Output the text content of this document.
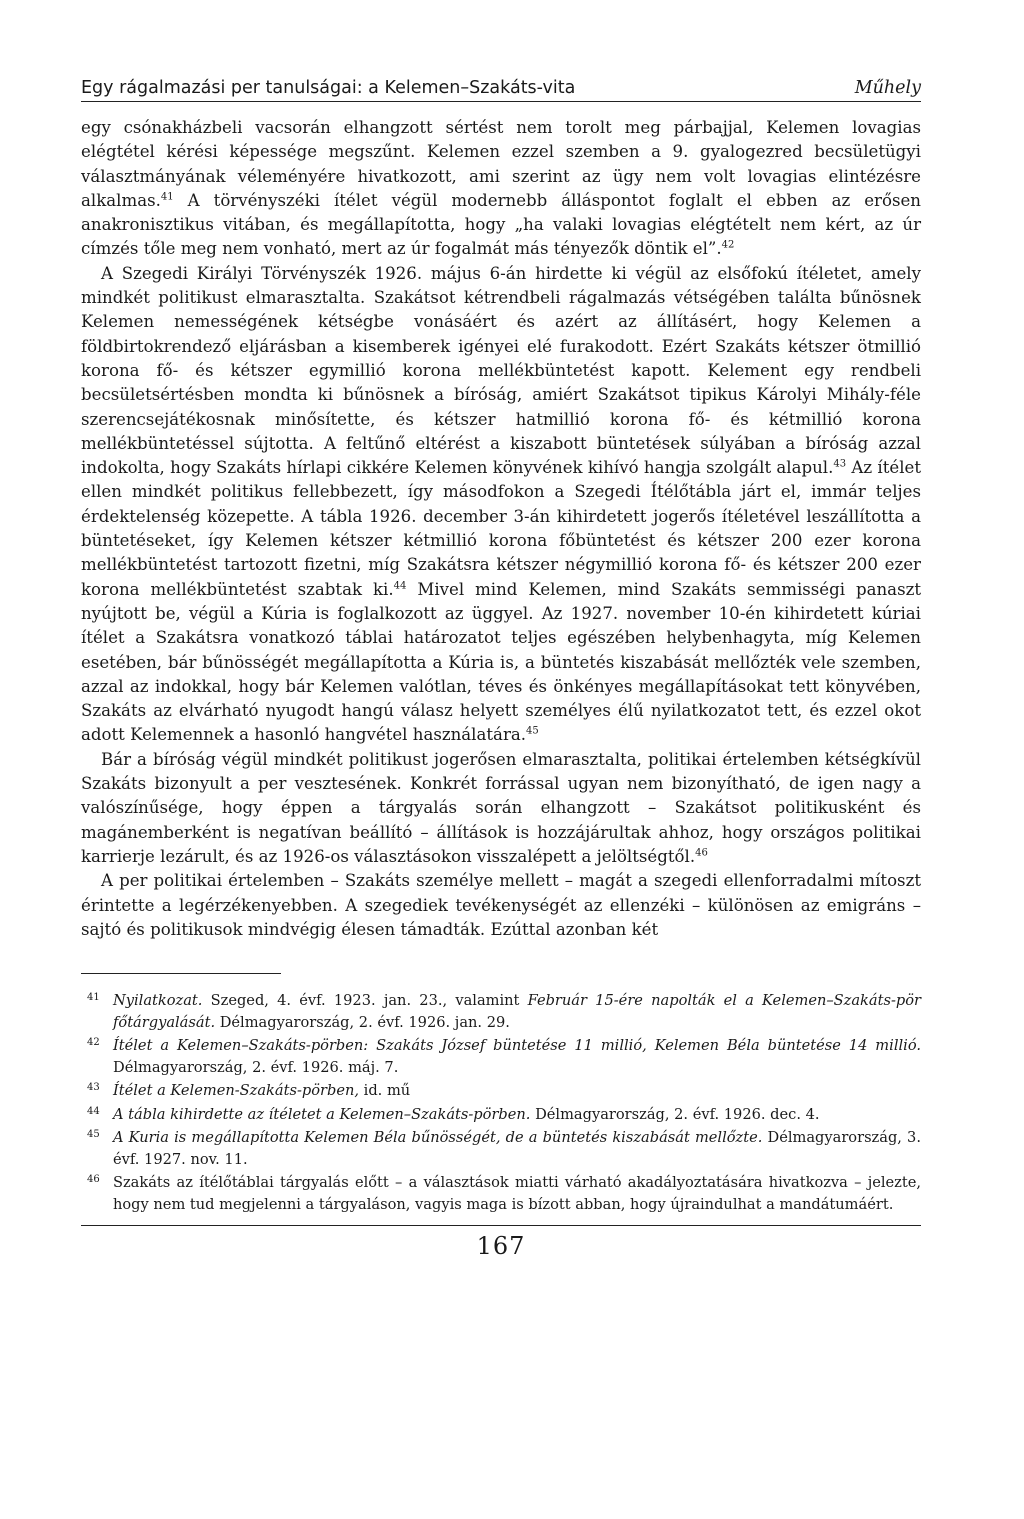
Egy rágalmazási per tanulságai: a Kelemen–Szakáts-vita	Műhely

egy csónakházbeli vacsorán elhangzott sértést nem torolt meg párbajjal, Kelemen lovagias elégtétel kérési képessége megszűnt. Kelemen ezzel szemben a 9. gyalogezred becsületügyi választmányának véleményére hivatkozott, ami szerint az ügy nem volt lovagias elintézésre alkalmas.$^{41}$ A törvényszéki ítélet végül modernebb álláspontot foglalt el ebben az erősen anakronisztikus vitában, és megállapította, hogy „ha valaki lovagias elégtételt nem kért, az úr címzés tőle meg nem vonható, mert az úr fogalmát más tényezők döntik el”.$^{42}$

A Szegedi Királyi Törvényszék 1926. május 6-án hirdette ki végül az elsőfokú ítéletet, amely mindkét politikust elmarasztalta. Szakátsot kétrendbeli rágalmazás vétségében találta bűnösnek Kelemen nemességének kétségbe vonásáért és azért az állításért, hogy Kelemen a földbirtokrendező eljárásban a kisemberek igényei elé furakodott. Ezért Szakáts kétszer ötmillió korona fő- és kétszer egymillió korona mellékbüntetést kapott. Kelement egy rendbeli becsületsértésben mondta ki bűnösnek a bíróság, amiért Szakátsot tipikus Károlyi Mihály-féle szerencsejátékosnak minősítette, és kétszer hatmillió korona fő- és kétmillió korona mellékbüntetéssel sújtotta. A feltűnő eltérést a kiszabott büntetések súlyában a bíróság azzal indokolta, hogy Szakáts hírlapi cikkére Kelemen könyvének kihívó hangja szolgált alapul.$^{43}$ Az ítélet ellen mindkét politikus fellebbezett, így másodfokon a Szegedi Ítélőtábla járt el, immár teljes érdektelenség közepette. A tábla 1926. december 3-án kihirdetett jogerős ítéletével leszállította a büntetéseket, így Kelemen kétszer kétmillió korona főbüntetést és kétszer 200 ezer korona mellékbüntetést tartozott fizetni, míg Szakátsra kétszer négymillió korona fő- és kétszer 200 ezer korona mellékbüntetést szabtak ki.$^{44}$ Mivel mind Kelemen, mind Szakáts semmisségi panaszt nyújtott be, végül a Kúria is foglalkozott az üggyel. Az 1927. november 10-én kihirdetett kúriai ítélet a Szakátsra vonatkozó táblai határozatot teljes egészében helybenhagyta, míg Kelemen esetében, bár bűnösségét megállapította a Kúria is, a büntetés kiszabását mellőzték vele szemben, azzal az indokkal, hogy bár Kelemen valótlan, téves és önkényes megállapításokat tett könyvében, Szakáts az elvárható nyugodt hangú válasz helyett személyes élű nyilatkozatot tett, és ezzel okot adott Kelemennek a hasonló hangvétel használatára.$^{45}$

Bár a bíróság végül mindkét politikust jogerősen elmarasztalta, politikai értelemben kétségkívül Szakáts bizonyult a per vesztesének. Konkrét forrással ugyan nem bizonyítható, de igen nagy a valószínűsége, hogy éppen a tárgyalás során elhangzott – Szakátsot politikusként és magánemberként is negatívan beállító – állítások is hozzájárultak ahhoz, hogy országos politikai karrierje lezárult, és az 1926-os választásokon visszalépett a jelöltségtől.$^{46}$

A per politikai értelemben – Szakáts személye mellett – magát a szegedi ellenforradalmi mítoszt érintette a legérzékenyebben. A szegediek tevékenységét az ellenzéki – különösen az emigráns – sajtó és politikusok mindvégig élesen támadták. Ezúttal azonban két

41 Nyilatkozat. Szeged, 4. évf. 1923. jan. 23., valamint Február 15-ére napolták el a Kelemen–Szakáts-pör főtárgyalását. Délmagyarország, 2. évf. 1926. jan. 29.
42 Ítélet a Kelemen–Szakáts-pörben: Szakáts József büntetése 11 millió, Kelemen Béla büntetése 14 millió. Délmagyarország, 2. évf. 1926. máj. 7.
43 Ítélet a Kelemen-Szakáts-pörben, id. mű
44 A tábla kihirdette az ítéletet a Kelemen–Szakáts-pörben. Délmagyarország, 2. évf. 1926. dec. 4.
45 A Kuria is megállapította Kelemen Béla bűnösségét, de a büntetés kiszabását mellőzte. Délmagyarország, 3. évf. 1927. nov. 11.
46 Szakáts az ítélőtáblai tárgyalás előtt – a választások miatti várható akadályoztatására hivatkozva – jelezte, hogy nem tud megjelenni a tárgyaláson, vagyis maga is bízott abban, hogy újraindulhat a mandátumáért.
167
